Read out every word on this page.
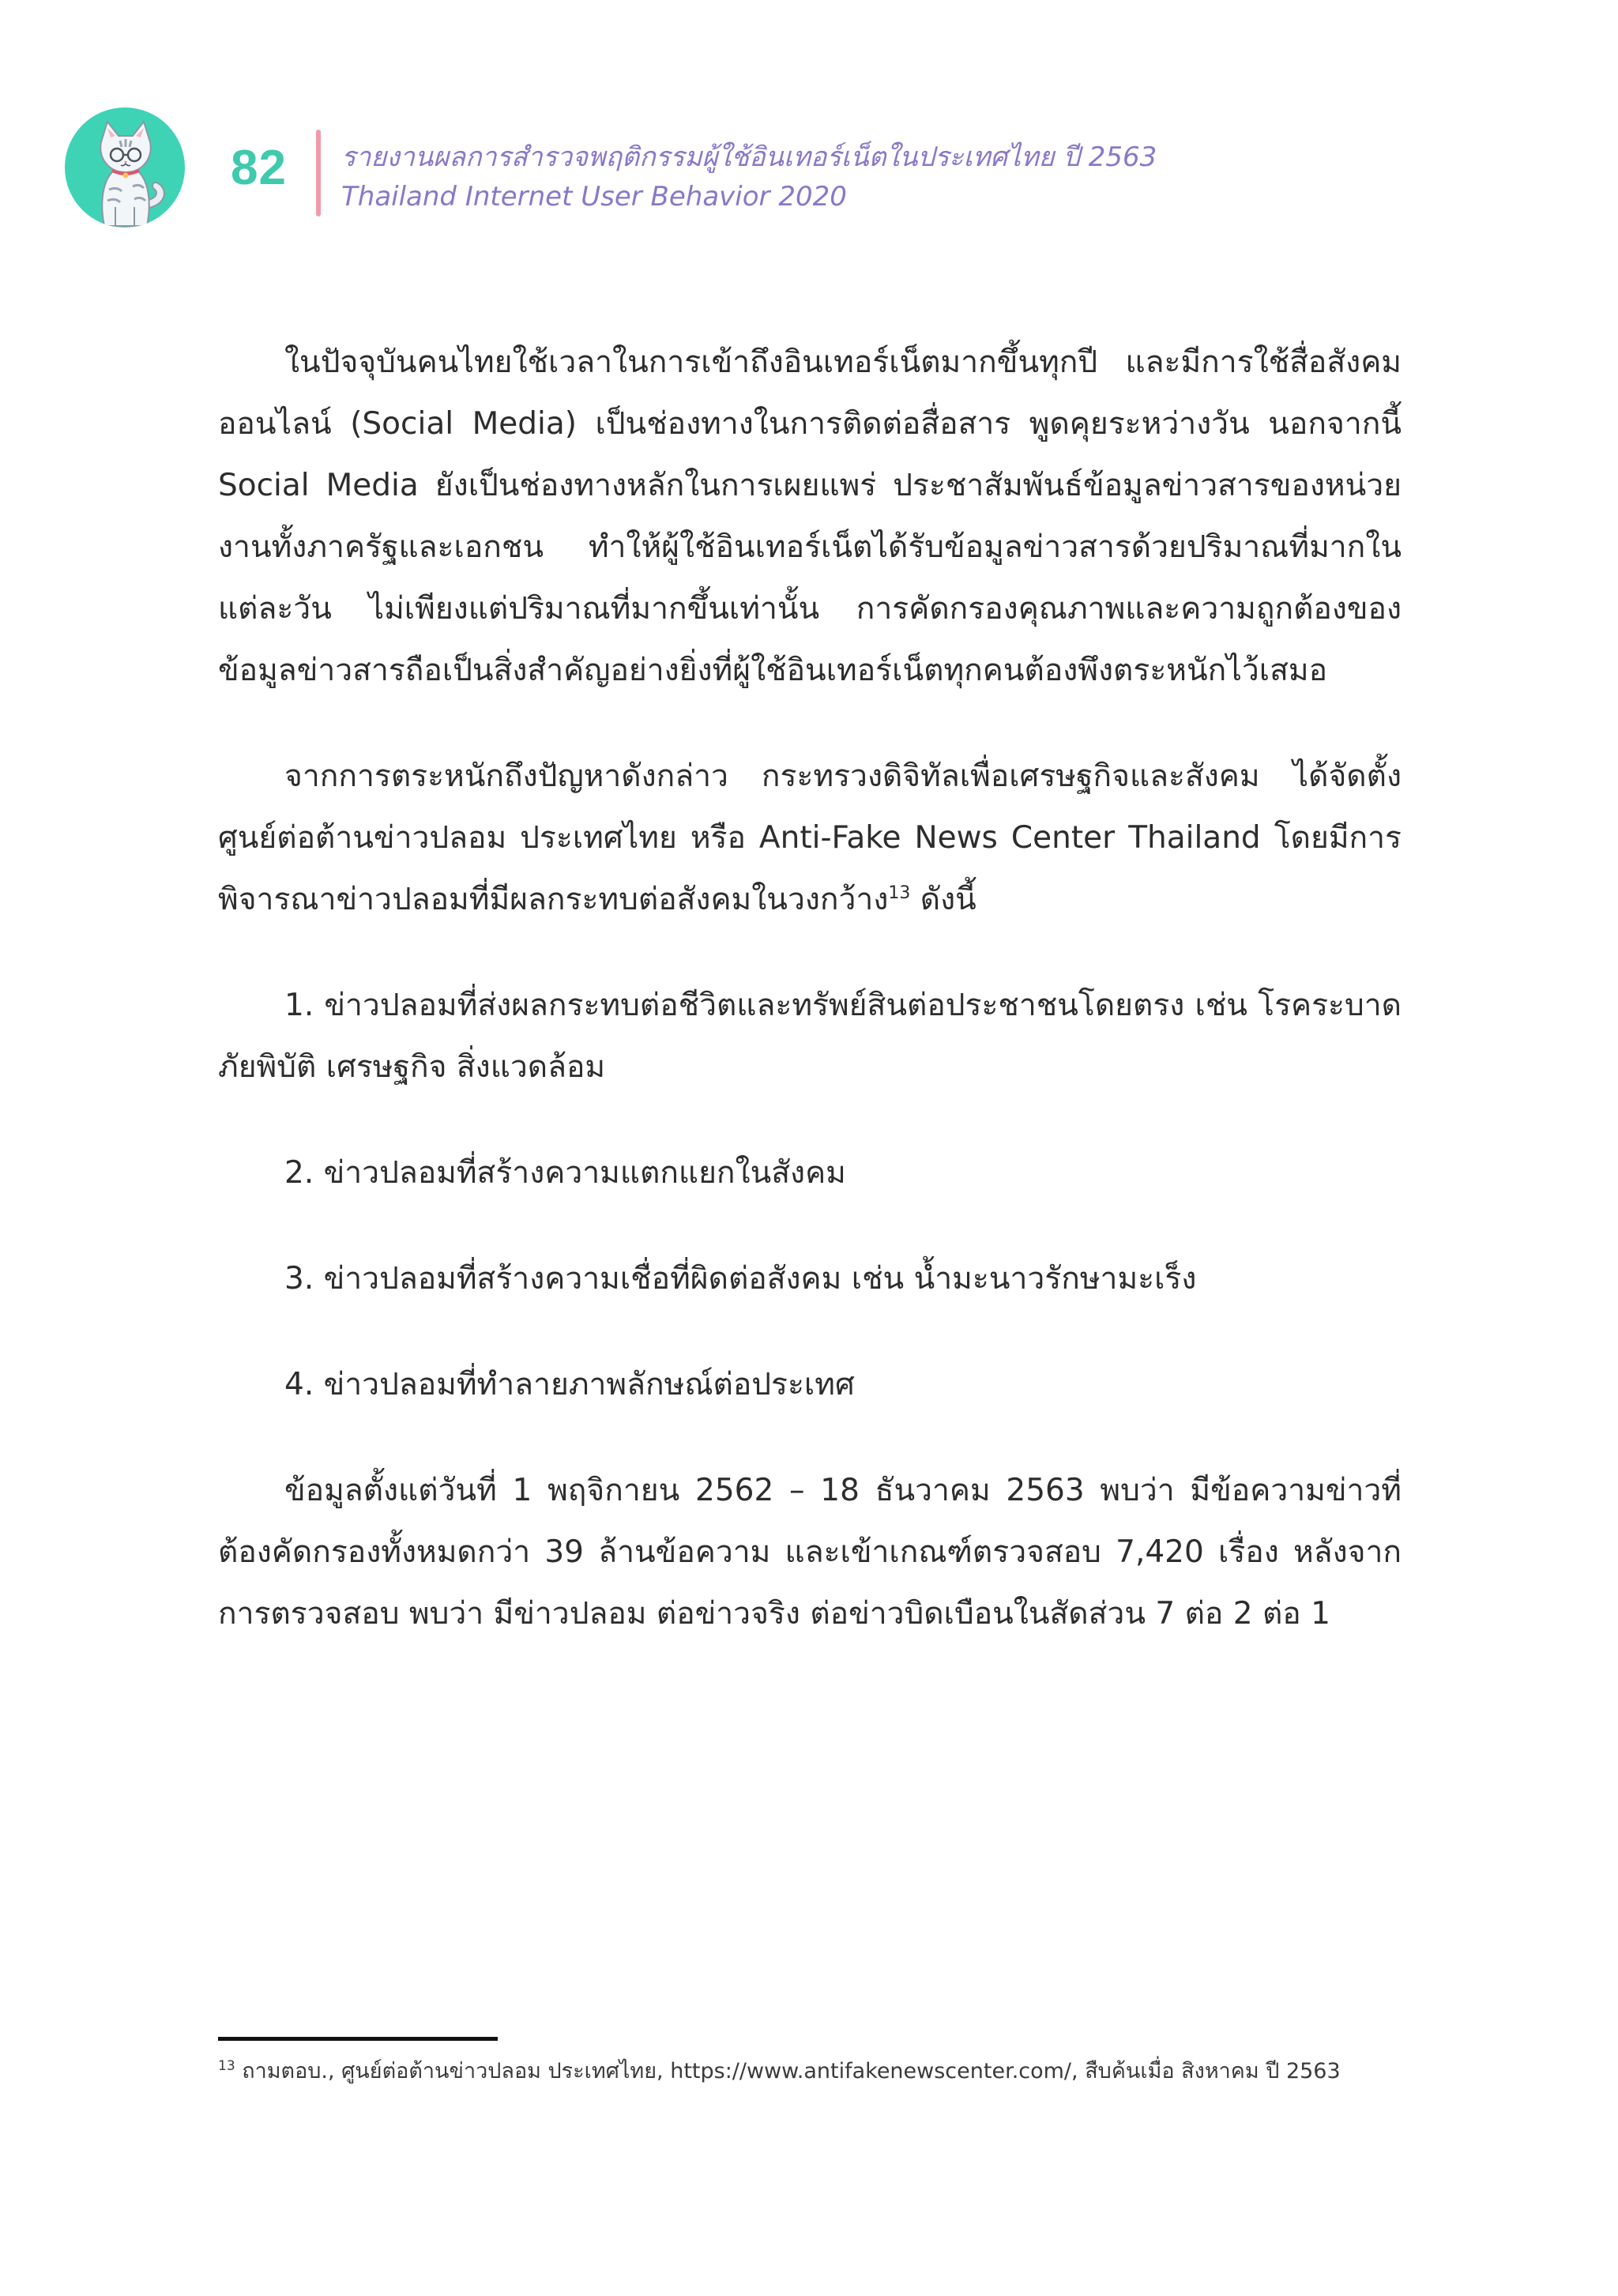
82 รายงานผลการสำรวจพฤติกรรมผู้ใช้อินเทอร์เน็ตในประเทศไทย ปี 2563
Thailand Internet User Behavior 2020

ในปัจจุบันคนไทยใช้เวลาในการเข้าถึงอินเทอร์เน็ตมากขึ้นทุกปี และมีการใช้สื่อสังคมออนไลน์ (Social Media) เป็นช่องทางในการติดต่อสื่อสาร พูดคุยระหว่างวัน นอกจากนี้ Social Media ยังเป็นช่องทางหลักในการเผยแพร่ ประชาสัมพันธ์ข้อมูลข่าวสารของหน่วยงานทั้งภาครัฐและเอกชน ทำให้ผู้ใช้อินเทอร์เน็ตได้รับข้อมูลข่าวสารด้วยปริมาณที่มากในแต่ละวัน ไม่เพียงแต่ปริมาณที่มากขึ้นเท่านั้น การคัดกรองคุณภาพและความถูกต้องของข้อมูลข่าวสารถือเป็นสิ่งสำคัญอย่างยิ่งที่ผู้ใช้อินเทอร์เน็ตทุกคนต้องพึงตระหนักไว้เสมอ

จากการตระหนักถึงปัญหาดังกล่าว กระทรวงดิจิทัลเพื่อเศรษฐกิจและสังคม ได้จัดตั้งศูนย์ต่อต้านข่าวปลอม ประเทศไทย หรือ Anti-Fake News Center Thailand โดยมีการพิจารณาข่าวปลอมที่มีผลกระทบต่อสังคมในวงกว้าง$^{13}$ ดังนี้

1. ข่าวปลอมที่ส่งผลกระทบต่อชีวิตและทรัพย์สินต่อประชาชนโดยตรง เช่น โรคระบาด ภัยพิบัติ เศรษฐกิจ สิ่งแวดล้อม

2. ข่าวปลอมที่สร้างความแตกแยกในสังคม

3. ข่าวปลอมที่สร้างความเชื่อที่ผิดต่อสังคม เช่น น้ำมะนาวรักษามะเร็ง

4. ข่าวปลอมที่ทำลายภาพลักษณ์ต่อประเทศ

ข้อมูลตั้งแต่วันที่ 1 พฤจิกายน 2562 – 18 ธันวาคม 2563 พบว่า มีข้อความข่าวที่ต้องคัดกรองทั้งหมดกว่า 39 ล้านข้อความ และเข้าเกณฑ์ตรวจสอบ 7,420 เรื่อง หลังจากการตรวจสอบ พบว่า มีข่าวปลอม ต่อข่าวจริง ต่อข่าวบิดเบือนในสัดส่วน 7 ต่อ 2 ต่อ 1

$^{13}$ ถามตอบ., ศูนย์ต่อต้านข่าวปลอม ประเทศไทย, https://www.antifakenewscenter.com/, สืบค้นเมื่อ สิงหาคม ปี 2563
